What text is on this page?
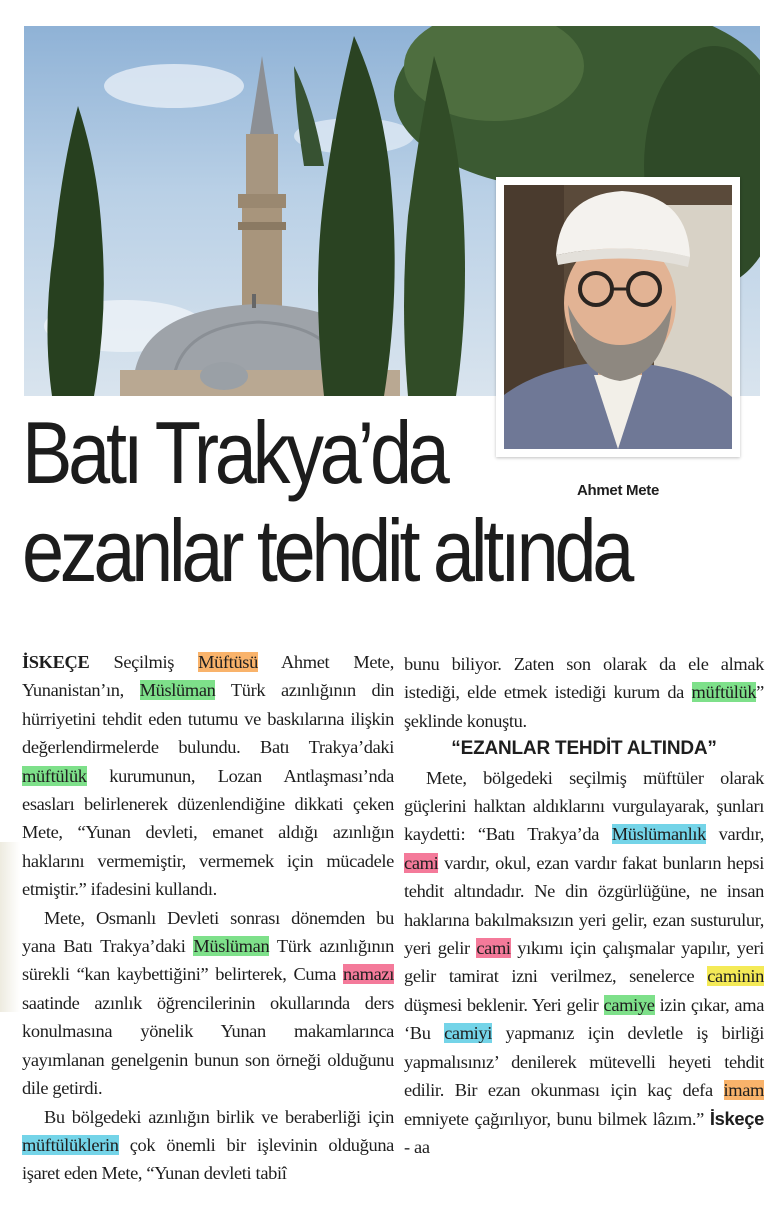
Ahmet Mete
Batı Trakya’da
ezanlar tehdit altında

İSKEÇE Seçilmiş Müftüsü Ahmet Mete, Yunanistan’ın, Müslüman Türk azınlığının din hürriyetini tehdit eden tutumu ve baskılarına ilişkin değerlendirmelerde bulundu. Batı Trakya’daki müftülük kurumunun, Lozan Antlaşması’nda esasları belirlenerek düzenlendiğine dikkati çeken Mete, “Yunan devleti, emanet aldığı azınlığın haklarını vermemiştir, vermemek için mücadele etmiştir.” ifadesini kullandı.

Mete, Osmanlı Devleti sonrası dönemden bu yana Batı Trakya’daki Müslüman Türk azınlığının sürekli “kan kaybettiğini” belirterek, Cuma namazı saatinde azınlık öğrencilerinin okullarında ders konulmasına yönelik Yunan makamlarınca yayımlanan genelgenin bunun son örneği olduğunu dile getirdi.

Bu bölgedeki azınlığın birlik ve beraberliği için müftülüklerin çok önemli bir işlevinin olduğuna işaret eden Mete, “Yunan devleti tabiî

bunu biliyor. Zaten son olarak da ele almak istediği, elde etmek istediği kurum da müftülük” şeklinde konuştu.

“EZANLAR TEHDİT ALTINDA”

Mete, bölgedeki seçilmiş müftüler olarak güçlerini halktan aldıklarını vurgulayarak, şunları kaydetti: “Batı Trakya’da Müslümanlık vardır, cami vardır, okul, ezan vardır fakat bunların hepsi tehdit altındadır. Ne din özgürlüğüne, ne insan haklarına bakılmaksızın yeri gelir, ezan susturulur, yeri gelir cami yıkımı için çalışmalar yapılır, yeri gelir tamirat izni verilmez, senelerce caminin düşmesi beklenir. Yeri gelir camiye izin çıkar, ama ‘Bu camiyi yapmanız için devletle iş birliği yapmalısınız’ denilerek mütevelli heyeti tehdit edilir. Bir ezan okunması için kaç defa imam emniyete çağırılıyor, bunu bilmek lâzım.” İskeçe - aa
